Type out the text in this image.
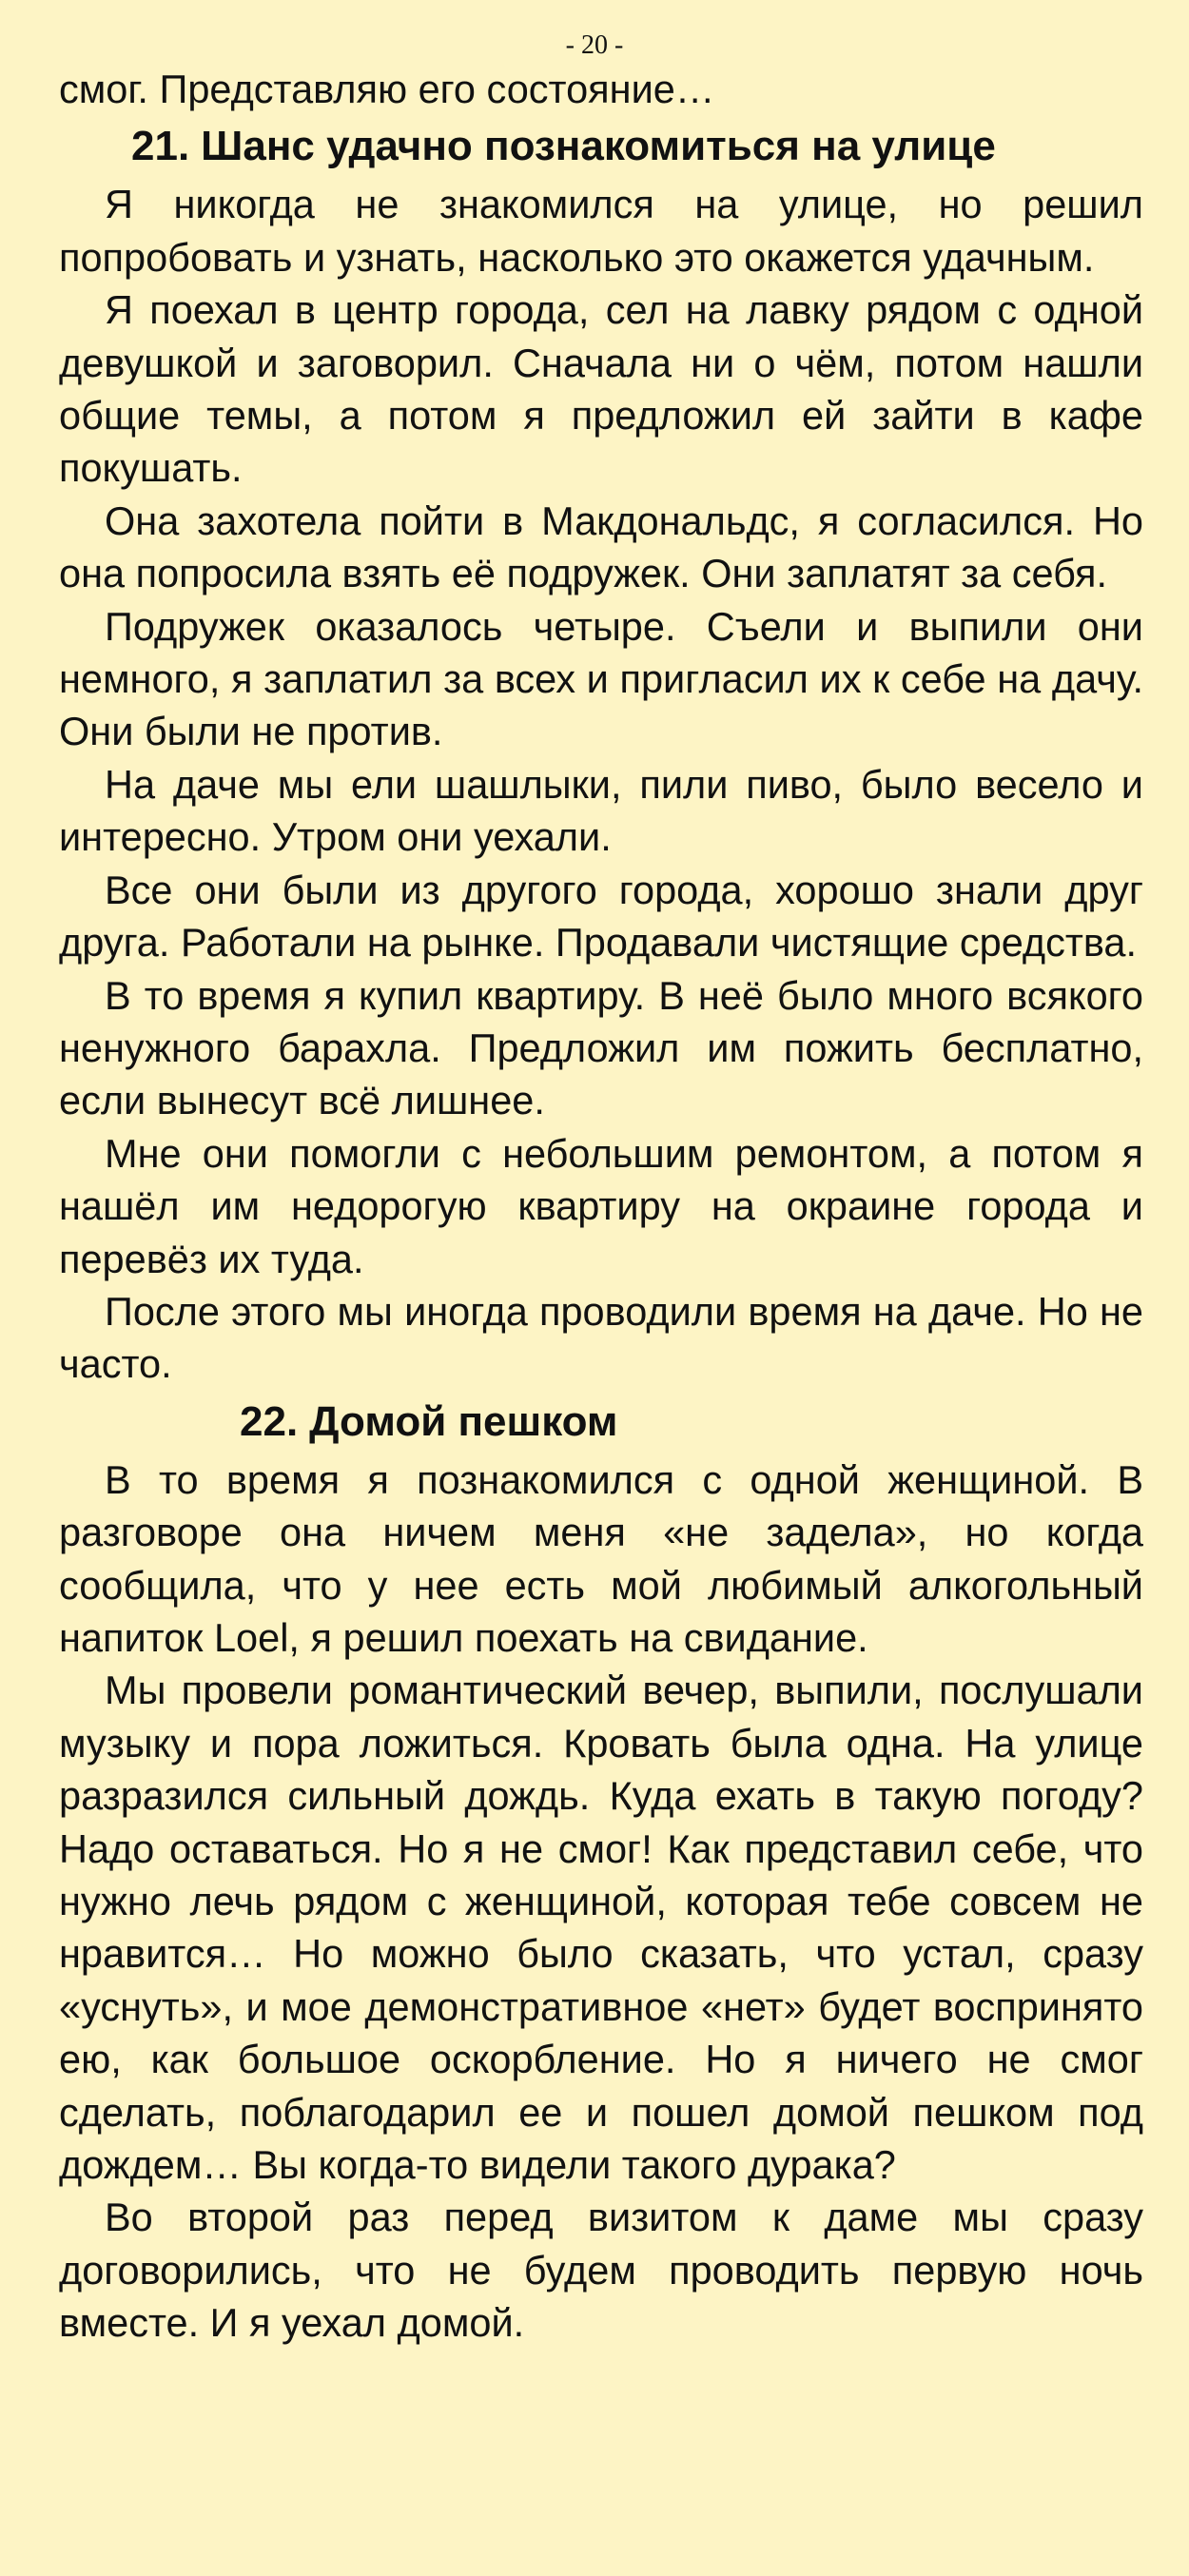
- 20 -

смог. Представляю его состояние…

21. Шанс удачно познакомиться на улице

Я никогда не знакомился на улице, но решил попробовать и узнать, насколько это окажется удачным.

Я поехал в центр города, сел на лавку рядом с одной девушкой и заговорил. Сначала ни о чём, потом нашли общие темы, а потом я предложил ей зайти в кафе покушать.

Она захотела пойти в Макдональдс, я согласился. Но она попросила взять её подружек. Они заплатят за себя.

Подружек оказалось четыре. Съели и выпили они немного, я заплатил за всех и пригласил их к себе на дачу. Они были не против.

На даче мы ели шашлыки, пили пиво, было весело и интересно. Утром они уехали.

Все они были из другого города, хорошо знали друг друга. Работали на рынке. Продавали чистящие средства.

В то время я купил квартиру. В неё было много всякого ненужного барахла. Предложил им пожить бесплатно, если вынесут всё лишнее.

Мне они помогли с небольшим ремонтом, а потом я нашёл им недорогую квартиру на окраине города и перевёз их туда.

После этого мы иногда проводили время на даче. Но не часто.

22. Домой пешком

В то время я познакомился с одной женщиной. В разговоре она ничем меня «не задела», но когда сообщила, что у нее есть мой любимый алкогольный напиток Loel, я решил поехать на свидание.

Мы провели романтический вечер, выпили, послушали музыку и пора ложиться. Кровать была одна. На улице разразился сильный дождь. Куда ехать в такую погоду? Надо оставаться. Но я не смог! Как представил себе, что нужно лечь рядом с женщиной, которая тебе совсем не нравится… Но можно было сказать, что устал, сразу «уснуть», и мое демонстративное «нет» будет воспринято ею, как большое оскорбление. Но я ничего не смог сделать, поблагодарил ее и пошел домой пешком под дождем… Вы когда-то видели такого дурака?

Во второй раз перед визитом к даме мы сразу договорились, что не будем проводить первую ночь вместе. И я уехал домой.
